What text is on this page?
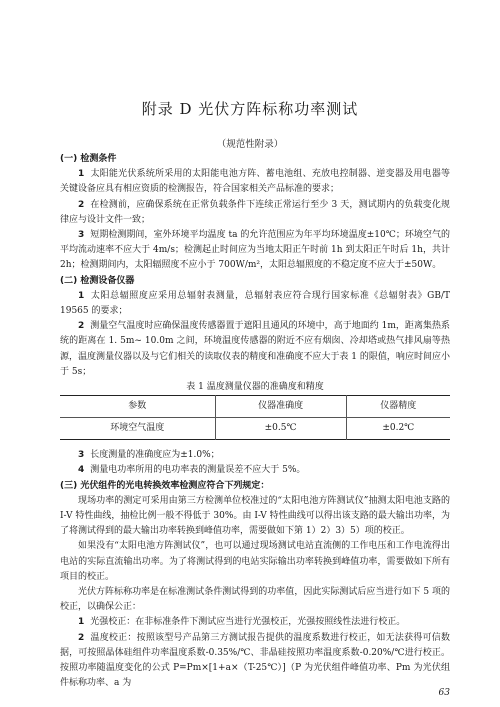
附录 D 光伏方阵标称功率测试
（规范性附录）

(一) 检测条件

1 太阳能光伏系统所采用的太阳能电池方阵、蓄电池组、充放电控制器、逆变器及用电器等关键设备应具有相应资质的检测报告，符合国家相关产品标准的要求；

2 在检测前，应确保系统在正常负载条件下连续正常运行至少 3 天，测试期内的负载变化规律应与设计文件一致；

3 短期检测期间，室外环境平均温度 ta 的允许范围应为年平均环境温度±10℃；环境空气的平均流动速率不应大于 4m/s；检测起止时间应为当地太阳正午时前 1h 到太阳正午时后 1h，共计 2h；检测期间内，太阳辐照度不应小于 700W/m²，太阳总辐照度的不稳定度不应大于±50W。

(二) 检测设备仪器

1 太阳总辐照度应采用总辐射表测量，总辐射表应符合现行国家标准《总辐射表》GB/T 19565 的要求；

2 测量空气温度时应确保温度传感器置于遮阳且通风的环境中，高于地面约 1m，距离集热系统的距离在 1. 5m~ 10.0m 之间，环境温度传感器的附近不应有烟囱、冷却塔或热气排风扇等热源，温度测量仪器以及与它们相关的读取仪表的精度和准确度不应大于表 1 的限值，响应时间应小于 5s；

表 1 温度测量仪器的准确度和精度

参数	仪器准确度	仪器精度
环境空气温度	±0.5℃	±0.2℃

3 长度测量的准确度应为±1.0%；

4 测量电功率所用的电功率表的测量误差不应大于 5%。

(三) 光伏组件的光电转换效率检测应符合下列规定：

现场功率的测定可采用由第三方检测单位校准过的“太阳电池方阵测试仪”抽测太阳电池支路的 I-V 特性曲线，抽检比例一般不得低于 30%。由 I-V 特性曲线可以得出该支路的最大输出功率，为了将测试得到的最大输出功率转换到峰值功率，需要做如下第 1）2）3）5）项的校正。

如果没有“太阳电池方阵测试仪”，也可以通过现场测试电站直流侧的工作电压和工作电流得出电站的实际直流输出功率。为了将测试得到的电站实际输出功率转换到峰值功率，需要做如下所有项目的校正。

光伏方阵标称功率是在标准测试条件测试得到的功率值，因此实际测试后应当进行如下 5 项的校正，以确保公正：

1 光强校正：在非标准条件下测试应当进行光强校正，光强按照线性法进行校正。

2 温度校正：按照该型号产品第三方测试报告提供的温度系数进行校正，如无法获得可信数据，可按照晶体硅组件功率温度系数-0.35%/℃、非晶硅按照功率温度系数-0.20%/℃进行校正。按照功率随温度变化的公式 P=Pm×[1+a×（T-25℃）]（P 为光伏组件峰值功率、Pm 为光伏组件标称功率、a 为

63
